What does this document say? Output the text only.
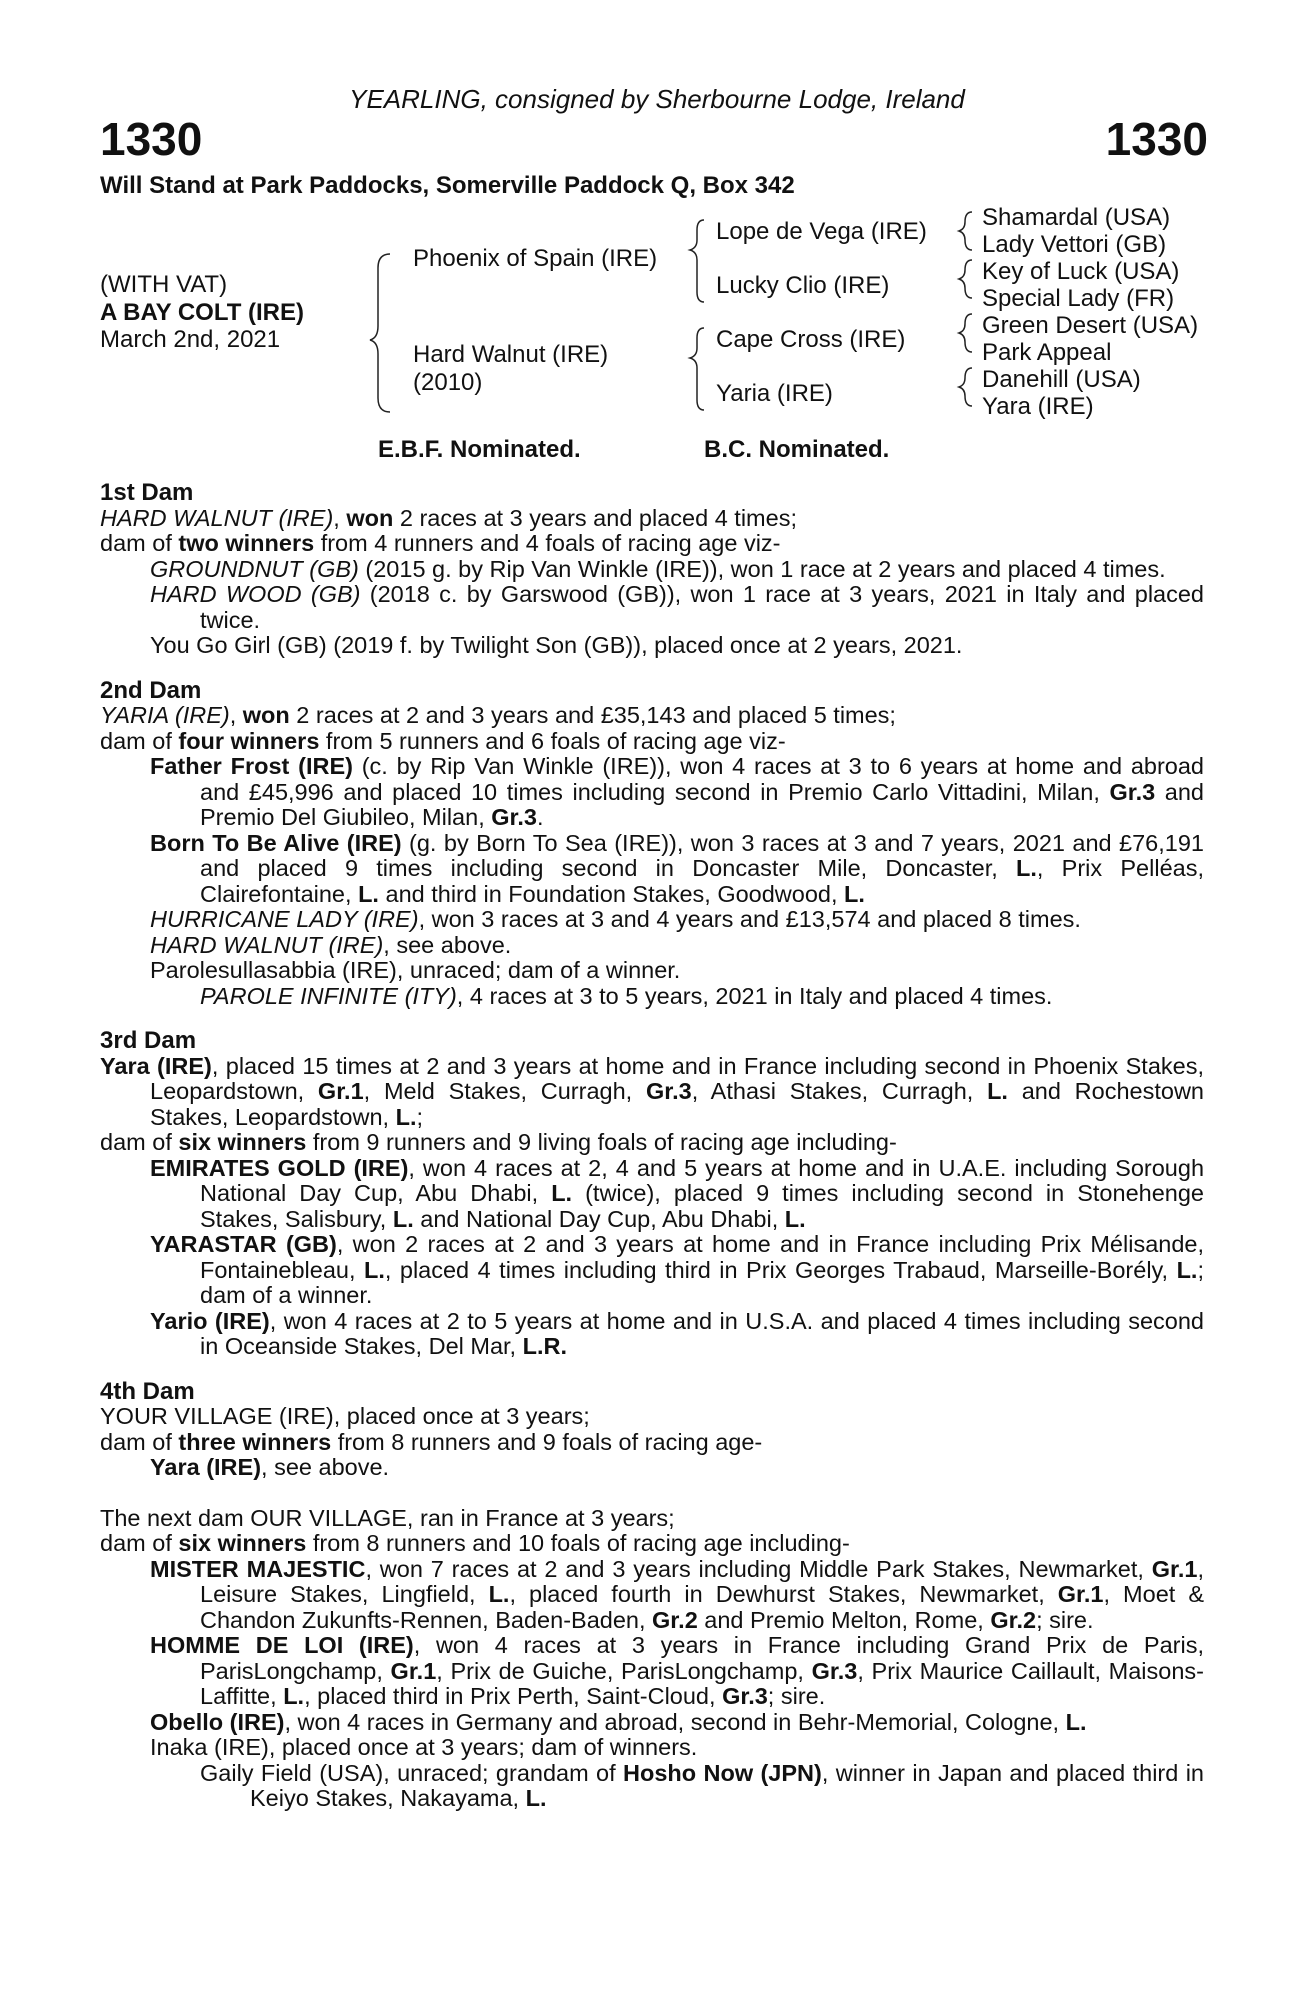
YEARLING, consigned by Sherbourne Lodge, Ireland
1330	1330
Will Stand at Park Paddocks, Somerville Paddock Q, Box 342
(WITH VAT)
A BAY COLT (IRE)
March 2nd, 2021
Phoenix of Spain (IRE)
Hard Walnut (IRE)
(2010)
Lope de Vega (IRE)
Lucky Clio (IRE)
Cape Cross (IRE)
Yaria (IRE)
Shamardal (USA)
Lady Vettori (GB)
Key of Luck (USA)
Special Lady (FR)
Green Desert (USA)
Park Appeal
Danehill (USA)
Yara (IRE)
E.B.F. Nominated.	B.C. Nominated.
1st Dam
HARD WALNUT (IRE), won 2 races at 3 years and placed 4 times;
dam of two winners from 4 runners and 4 foals of racing age viz-
GROUNDNUT (GB) (2015 g. by Rip Van Winkle (IRE)), won 1 race at 2 years and placed 4 times.
HARD WOOD (GB) (2018 c. by Garswood (GB)), won 1 race at 3 years, 2021 in Italy and placed twice.
You Go Girl (GB) (2019 f. by Twilight Son (GB)), placed once at 2 years, 2021.
2nd Dam
YARIA (IRE), won 2 races at 2 and 3 years and £35,143 and placed 5 times;
dam of four winners from 5 runners and 6 foals of racing age viz-
Father Frost (IRE) (c. by Rip Van Winkle (IRE)), won 4 races at 3 to 6 years at home and abroad and £45,996 and placed 10 times including second in Premio Carlo Vittadini, Milan, Gr.3 and Premio Del Giubileo, Milan, Gr.3.
Born To Be Alive (IRE) (g. by Born To Sea (IRE)), won 3 races at 3 and 7 years, 2021 and £76,191 and placed 9 times including second in Doncaster Mile, Doncaster, L., Prix Pelléas, Clairefontaine, L. and third in Foundation Stakes, Goodwood, L.
HURRICANE LADY (IRE), won 3 races at 3 and 4 years and £13,574 and placed 8 times.
HARD WALNUT (IRE), see above.
Parolesullasabbia (IRE), unraced; dam of a winner.
PAROLE INFINITE (ITY), 4 races at 3 to 5 years, 2021 in Italy and placed 4 times.
3rd Dam
Yara (IRE), placed 15 times at 2 and 3 years at home and in France including second in Phoenix Stakes, Leopardstown, Gr.1, Meld Stakes, Curragh, Gr.3, Athasi Stakes, Curragh, L. and Rochestown Stakes, Leopardstown, L.;
dam of six winners from 9 runners and 9 living foals of racing age including-
EMIRATES GOLD (IRE), won 4 races at 2, 4 and 5 years at home and in U.A.E. including Sorough National Day Cup, Abu Dhabi, L. (twice), placed 9 times including second in Stonehenge Stakes, Salisbury, L. and National Day Cup, Abu Dhabi, L.
YARASTAR (GB), won 2 races at 2 and 3 years at home and in France including Prix Mélisande, Fontainebleau, L., placed 4 times including third in Prix Georges Trabaud, Marseille-Borély, L.; dam of a winner.
Yario (IRE), won 4 races at 2 to 5 years at home and in U.S.A. and placed 4 times including second in Oceanside Stakes, Del Mar, L.R.
4th Dam
YOUR VILLAGE (IRE), placed once at 3 years;
dam of three winners from 8 runners and 9 foals of racing age-
Yara (IRE), see above.
The next dam OUR VILLAGE, ran in France at 3 years;
dam of six winners from 8 runners and 10 foals of racing age including-
MISTER MAJESTIC, won 7 races at 2 and 3 years including Middle Park Stakes, Newmarket, Gr.1, Leisure Stakes, Lingfield, L., placed fourth in Dewhurst Stakes, Newmarket, Gr.1, Moet & Chandon Zukunfts-Rennen, Baden-Baden, Gr.2 and Premio Melton, Rome, Gr.2; sire.
HOMME DE LOI (IRE), won 4 races at 3 years in France including Grand Prix de Paris, ParisLongchamp, Gr.1, Prix de Guiche, ParisLongchamp, Gr.3, Prix Maurice Caillault, Maisons-Laffitte, L., placed third in Prix Perth, Saint-Cloud, Gr.3; sire.
Obello (IRE), won 4 races in Germany and abroad, second in Behr-Memorial, Cologne, L.
Inaka (IRE), placed once at 3 years; dam of winners.
Gaily Field (USA), unraced; grandam of Hosho Now (JPN), winner in Japan and placed third in Keiyo Stakes, Nakayama, L.
